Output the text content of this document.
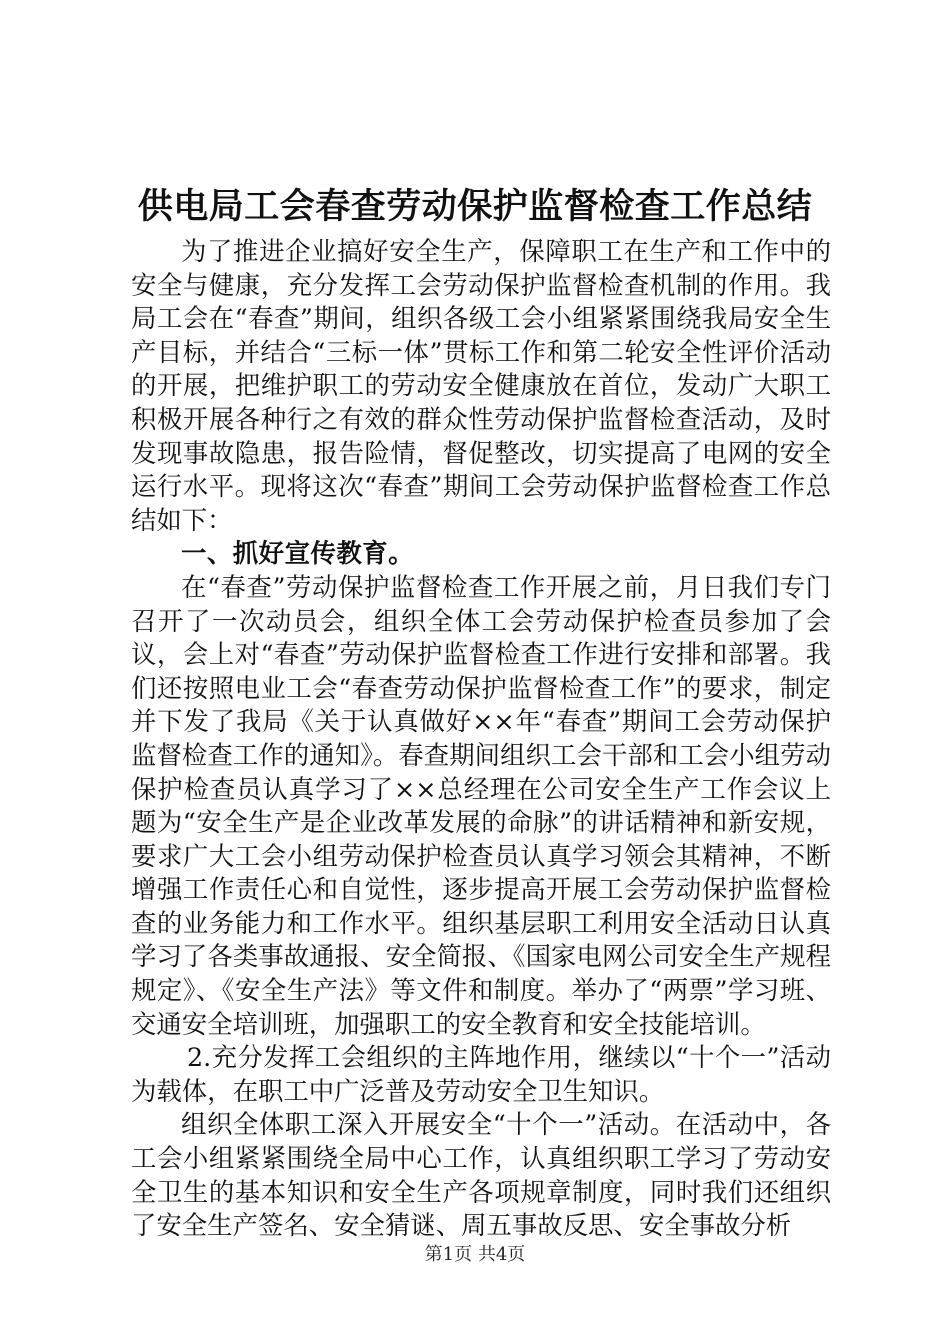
供电局工会春查劳动保护监督检查工作总结

为了推进企业搞好安全生产，保障职工在生产和工作中的安全与健康，充分发挥工会劳动保护监督检查机制的作用。我局工会在“春查”期间，组织各级工会小组紧紧围绕我局安全生产目标，并结合“三标一体”贯标工作和第二轮安全性评价活动的开展，把维护职工的劳动安全健康放在首位，发动广大职工积极开展各种行之有效的群众性劳动保护监督检查活动，及时发现事故隐患，报告险情，督促整改，切实提高了电网的安全运行水平。现将这次“春查”期间工会劳动保护监督检查工作总结如下：

一、抓好宣传教育。

在“春查”劳动保护监督检查工作开展之前，月日我们专门召开了一次动员会，组织全体工会劳动保护检查员参加了会议，会上对“春查”劳动保护监督检查工作进行安排和部署。我们还按照电业工会“春查劳动保护监督检查工作”的要求，制定并下发了我局《关于认真做好××年“春查”期间工会劳动保护监督检查工作的通知》。春查期间组织工会干部和工会小组劳动保护检查员认真学习了××总经理在公司安全生产工作会议上题为“安全生产是企业改革发展的命脉”的讲话精神和新安规，要求广大工会小组劳动保护检查员认真学习领会其精神，不断增强工作责任心和自觉性，逐步提高开展工会劳动保护监督检查的业务能力和工作水平。组织基层职工利用安全活动日认真学习了各类事故通报、安全简报、《国家电网公司安全生产规程规定》、《安全生产法》等文件和制度。举办了“两票”学习班、交通安全培训班，加强职工的安全教育和安全技能培训。

2.充分发挥工会组织的主阵地作用，继续以“十个一”活动为载体，在职工中广泛普及劳动安全卫生知识。

组织全体职工深入开展安全“十个一”活动。在活动中，各工会小组紧紧围绕全局中心工作，认真组织职工学习了劳动安全卫生的基本知识和安全生产各项规章制度，同时我们还组织了安全生产签名、安全猜谜、周五事故反思、安全事故分析

第1页 共4页
